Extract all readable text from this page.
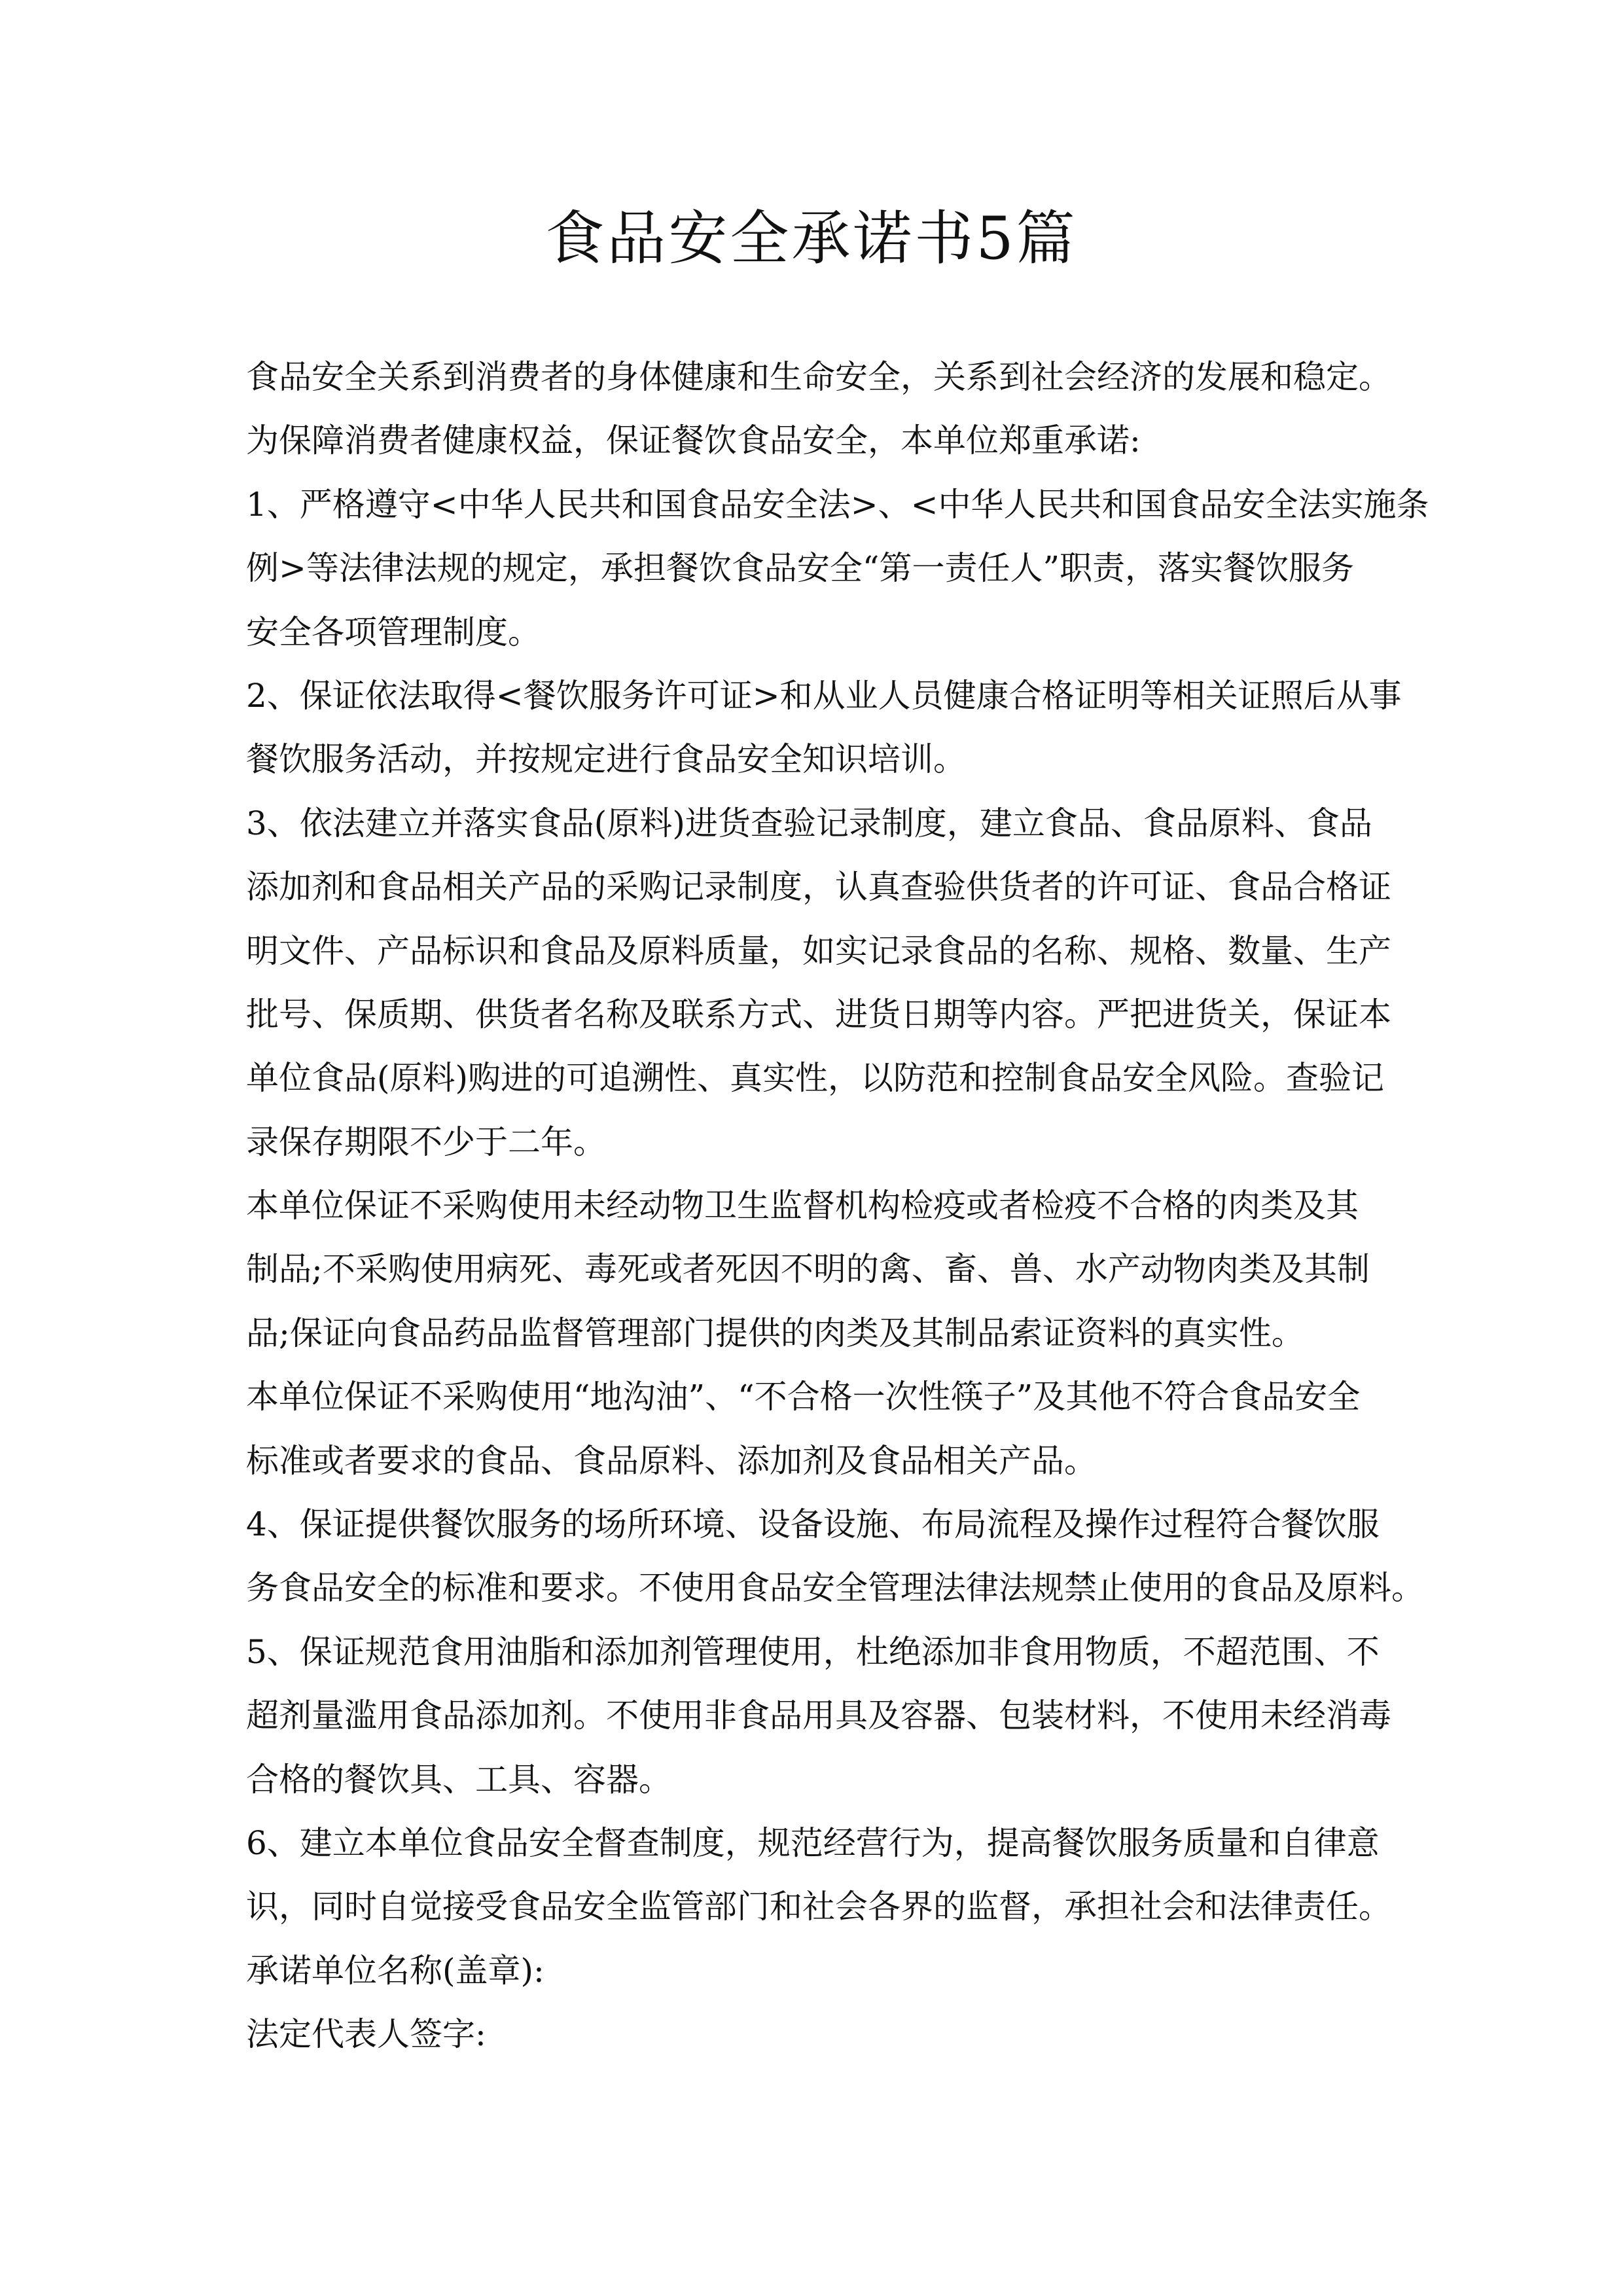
食品安全承诺书5篇
食品安全关系到消费者的身体健康和生命安全，关系到社会经济的发展和稳定。
为保障消费者健康权益，保证餐饮食品安全，本单位郑重承诺:
1、严格遵守<中华人民共和国食品安全法>、<中华人民共和国食品安全法实施条
例>等法律法规的规定，承担餐饮食品安全“第一责任人”职责，落实餐饮服务
安全各项管理制度。
2、保证依法取得<餐饮服务许可证>和从业人员健康合格证明等相关证照后从事
餐饮服务活动，并按规定进行食品安全知识培训。
3、依法建立并落实食品(原料)进货查验记录制度，建立食品、食品原料、食品
添加剂和食品相关产品的采购记录制度，认真查验供货者的许可证、食品合格证
明文件、产品标识和食品及原料质量，如实记录食品的名称、规格、数量、生产
批号、保质期、供货者名称及联系方式、进货日期等内容。严把进货关，保证本
单位食品(原料)购进的可追溯性、真实性，以防范和控制食品安全风险。查验记
录保存期限不少于二年。
本单位保证不采购使用未经动物卫生监督机构检疫或者检疫不合格的肉类及其
制品;不采购使用病死、毒死或者死因不明的禽、畜、兽、水产动物肉类及其制
品;保证向食品药品监督管理部门提供的肉类及其制品索证资料的真实性。
本单位保证不采购使用“地沟油”、“不合格一次性筷子”及其他不符合食品安全
标准或者要求的食品、食品原料、添加剂及食品相关产品。
4、保证提供餐饮服务的场所环境、设备设施、布局流程及操作过程符合餐饮服
务食品安全的标准和要求。不使用食品安全管理法律法规禁止使用的食品及原料。
5、保证规范食用油脂和添加剂管理使用，杜绝添加非食用物质，不超范围、不
超剂量滥用食品添加剂。不使用非食品用具及容器、包装材料，不使用未经消毒
合格的餐饮具、工具、容器。
6、建立本单位食品安全督查制度，规范经营行为，提高餐饮服务质量和自律意
识，同时自觉接受食品安全监管部门和社会各界的监督，承担社会和法律责任。
承诺单位名称(盖章):
法定代表人签字:
